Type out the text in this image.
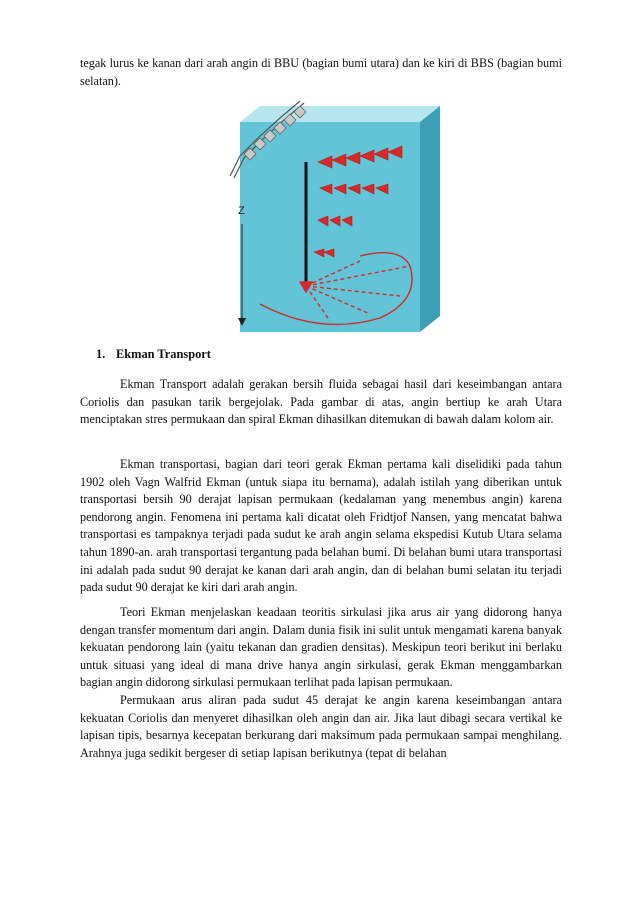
tegak lurus ke kanan dari arah angin di BBU (bagian bumi utara) dan ke kiri di BBS (bagian bumi selatan).

Z
1. Ekman Transport

Ekman Transport adalah gerakan bersih fluida sebagai hasil dari keseimbangan antara Coriolis dan pasukan tarik bergejolak. Pada gambar di atas, angin bertiup ke arah Utara menciptakan stres permukaan dan spiral Ekman dihasilkan ditemukan di bawah dalam kolom air.

Ekman transportasi, bagian dari teori gerak Ekman pertama kali diselidiki pada tahun 1902 oleh Vagn Walfrid Ekman (untuk siapa itu bernama), adalah istilah yang diberikan untuk transportasi bersih 90 derajat lapisan permukaan (kedalaman yang menembus angin) karena pendorong angin. Fenomena ini pertama kali dicatat oleh Fridtjof Nansen, yang mencatat bahwa transportasi es tampaknya terjadi pada sudut ke arah angin selama ekspedisi Kutub Utara selama tahun 1890-an. arah transportasi tergantung pada belahan bumi. Di belahan bumi utara transportasi ini adalah pada sudut 90 derajat ke kanan dari arah angin, dan di belahan bumi selatan itu terjadi pada sudut 90 derajat ke kiri dari arah angin.

Teori Ekman menjelaskan keadaan teoritis sirkulasi jika arus air yang didorong hanya dengan transfer momentum dari angin. Dalam dunia fisik ini sulit untuk mengamati karena banyak kekuatan pendorong lain (yaitu tekanan dan gradien densitas). Meskipun teori berikut ini berlaku untuk situasi yang ideal di mana drive hanya angin sirkulasi, gerak Ekman menggambarkan bagian angin didorong sirkulasi permukaan terlihat pada lapisan permukaan.

Permukaan arus aliran pada sudut 45 derajat ke angin karena keseimbangan antara kekuatan Coriolis dan menyeret dihasilkan oleh angin dan air. Jika laut dibagi secara vertikal ke lapisan tipis, besarnya kecepatan berkurang dari maksimum pada permukaan sampai menghilang. Arahnya juga sedikit bergeser di setiap lapisan berikutnya (tepat di belahan
